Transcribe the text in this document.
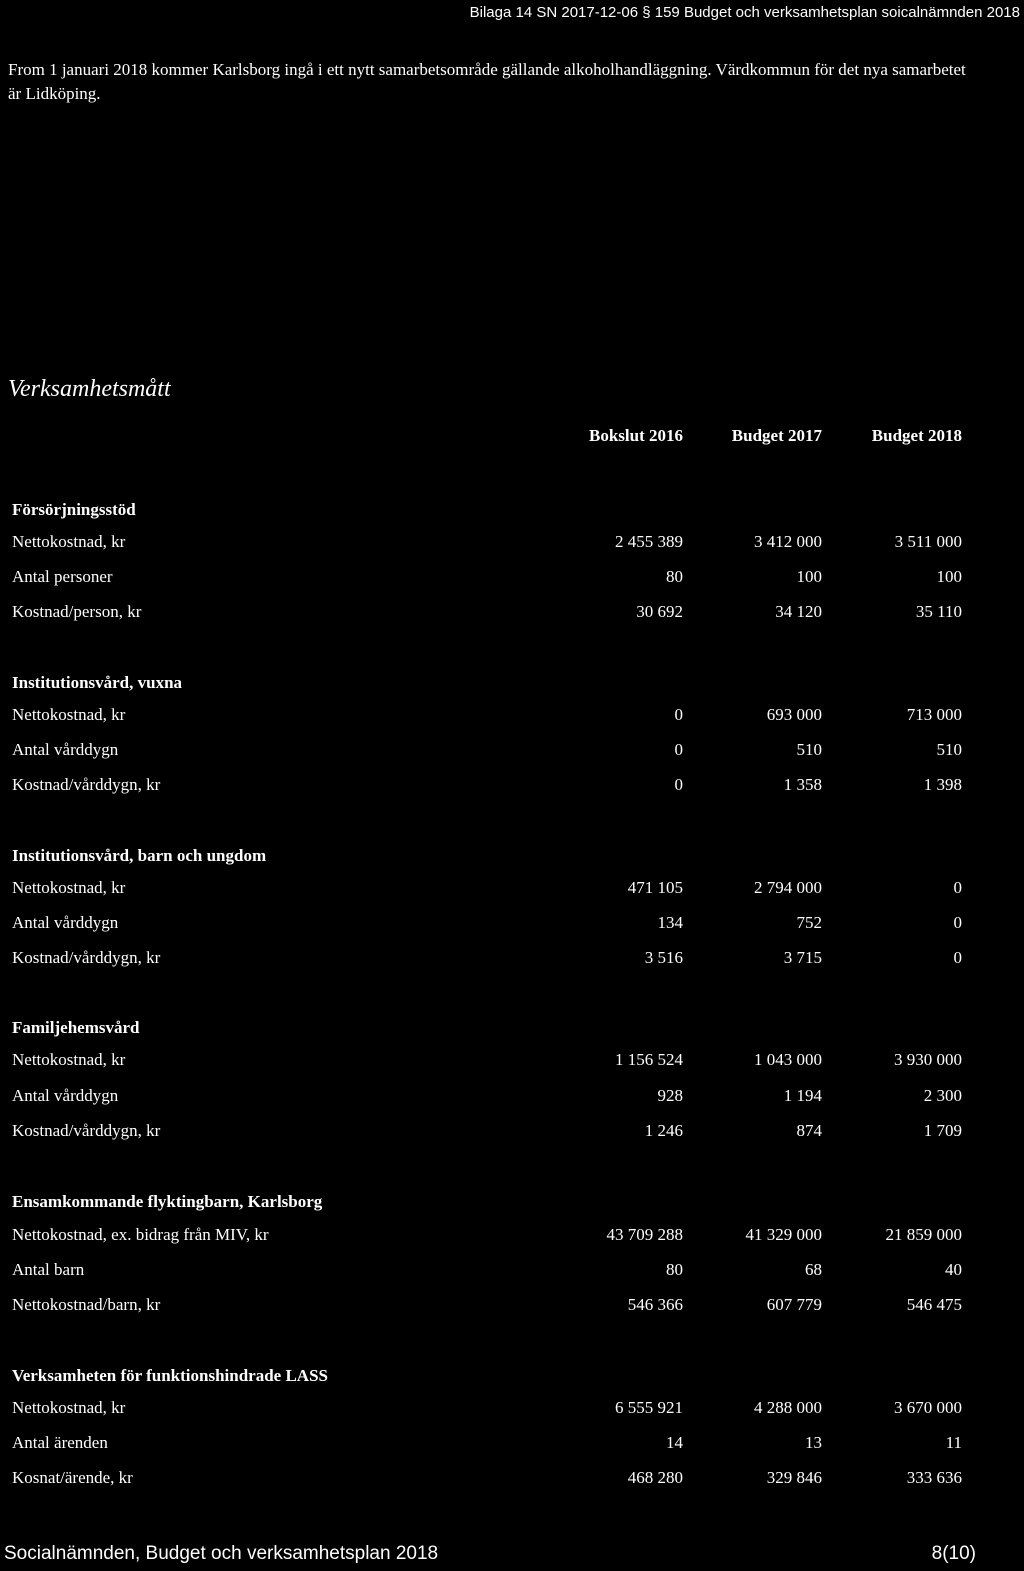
Bilaga 14 SN 2017-12-06 § 159 Budget och verksamhetsplan soicalnämnden 2018
From 1 januari 2018 kommer Karlsborg ingå i ett nytt samarbetsområde gällande alkoholhandläggning. Värdkommun för det nya samarbetet är Lidköping.
Verksamhetsmått
Bokslut 2016	Budget 2017	Budget 2018
Försörjningsstöd
Nettokostnad, kr	2 455 389	3 412 000	3 511 000
Antal personer	80	100	100
Kostnad/person, kr	30 692	34 120	35 110
Institutionsvård, vuxna
Nettokostnad, kr	0	693 000	713 000
Antal vårddygn	0	510	510
Kostnad/vårddygn, kr	0	1 358	1 398
Institutionsvård, barn och ungdom
Nettokostnad, kr	471 105	2 794 000	0
Antal vårddygn	134	752	0
Kostnad/vårddygn, kr	3 516	3 715	0
Familjehemsvård
Nettokostnad, kr	1 156 524	1 043 000	3 930 000
Antal vårddygn	928	1 194	2 300
Kostnad/vårddygn, kr	1 246	874	1 709
Ensamkommande flyktingbarn, Karlsborg
Nettokostnad, ex. bidrag från MIV, kr	43 709 288	41 329 000	21 859 000
Antal barn	80	68	40
Nettokostnad/barn, kr	546 366	607 779	546 475
Verksamheten för funktionshindrade LASS
Nettokostnad, kr	6 555 921	4 288 000	3 670 000
Antal ärenden	14	13	11
Kosnat/ärende, kr	468 280	329 846	333 636
Socialnämnden, Budget och verksamhetsplan 2018	8(10)
